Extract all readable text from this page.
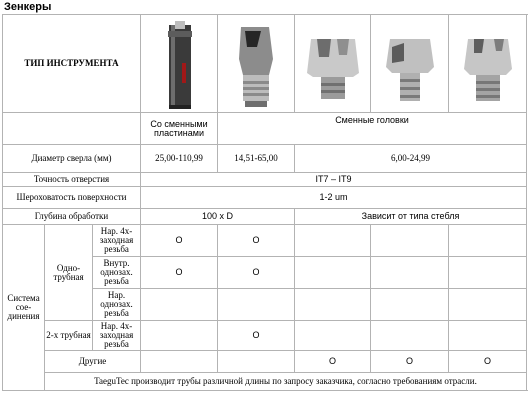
Зенкеры
ТИП ИНСТРУМЕНТА	

			Со сменными пластинами	Сменные головки			
Диаметр сверла (мм)			25,00-110,99	14,51-65,00	6,00-24,99		
Точность отверстия			IT7 – IT9				
Шероховатость поверхности			1-2 um				
Глубина обработки			100 x D		Зависит от типа стебля		
Система сое-динения	Одно-трубная	Нар. 4х-заходная резьба	O	O			
		Внутр. однозах. резьба	O	O			
		Нар. однозах. резьба					
	2-х трубная	Нар. 4х-заходная резьба		O			
	Другие				O	O	O
	TaeguTec производит трубы различной длины по запросу заказчика, согласно требованиям отрасли.						
